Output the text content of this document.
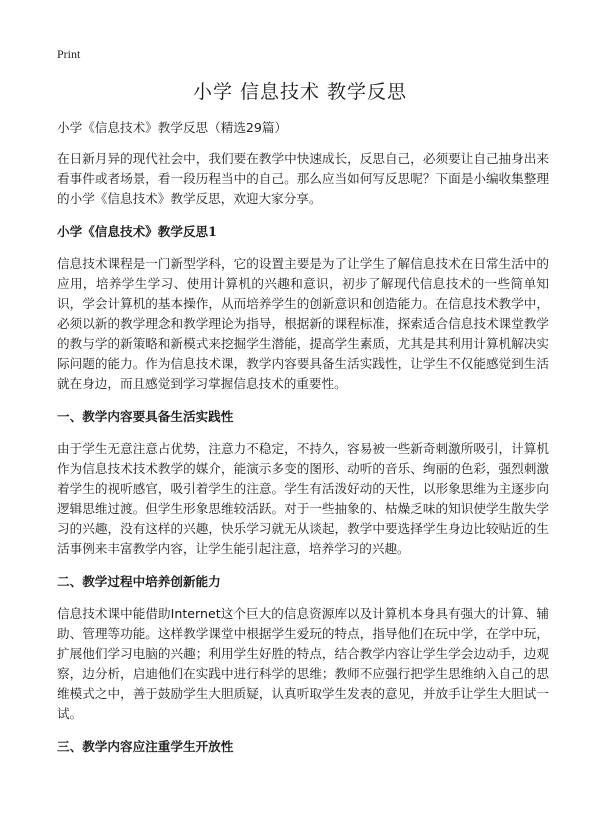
Print
小学 信息技术 教学反思

小学《信息技术》教学反思（精选29篇）

在日新月异的现代社会中，我们要在教学中快速成长，反思自己，必须要让自己抽身出来看事件或者场景，看一段历程当中的自己。那么应当如何写反思呢？下面是小编收集整理的小学《信息技术》教学反思，欢迎大家分享。

小学《信息技术》教学反思1

信息技术课程是一门新型学科，它的设置主要是为了让学生了解信息技术在日常生活中的应用，培养学生学习、使用计算机的兴趣和意识，初步了解现代信息技术的一些简单知识，学会计算机的基本操作，从而培养学生的创新意识和创造能力。在信息技术教学中，必须以新的教学理念和教学理论为指导，根据新的课程标准，探索适合信息技术课堂教学的教与学的新策略和新模式来挖掘学生潜能，提高学生素质，尤其是其利用计算机解决实际问题的能力。作为信息技术课，教学内容要具备生活实践性，让学生不仅能感觉到生活就在身边，而且感觉到学习掌握信息技术的重要性。

一、教学内容要具备生活实践性

由于学生无意注意占优势，注意力不稳定，不持久，容易被一些新奇刺激所吸引，计算机作为信息技术技术教学的媒介，能演示多变的图形、动听的音乐、绚丽的色彩，强烈刺激着学生的视听感官，吸引着学生的注意。学生有活泼好动的天性，以形象思维为主逐步向逻辑思维过渡。但学生形象思维较活跃。对于一些抽象的、枯燥乏味的知识使学生散失学习的兴趣，没有这样的兴趣，快乐学习就无从谈起，教学中要选择学生身边比较贴近的生活事例来丰富教学内容，让学生能引起注意，培养学习的兴趣。

二、教学过程中培养创新能力

信息技术课中能借助Internet这个巨大的信息资源库以及计算机本身具有强大的计算、辅助、管理等功能。这样教学课堂中根据学生爱玩的特点，指导他们在玩中学，在学中玩，扩展他们学习电脑的兴趣；利用学生好胜的特点，结合教学内容让学生学会边动手，边观察，边分析，启迪他们在实践中进行科学的思维；教师不应强行把学生思维纳入自己的思维模式之中，善于鼓励学生大胆质疑，认真听取学生发表的意见，并放手让学生大胆试一试。

三、教学内容应注重学生开放性
